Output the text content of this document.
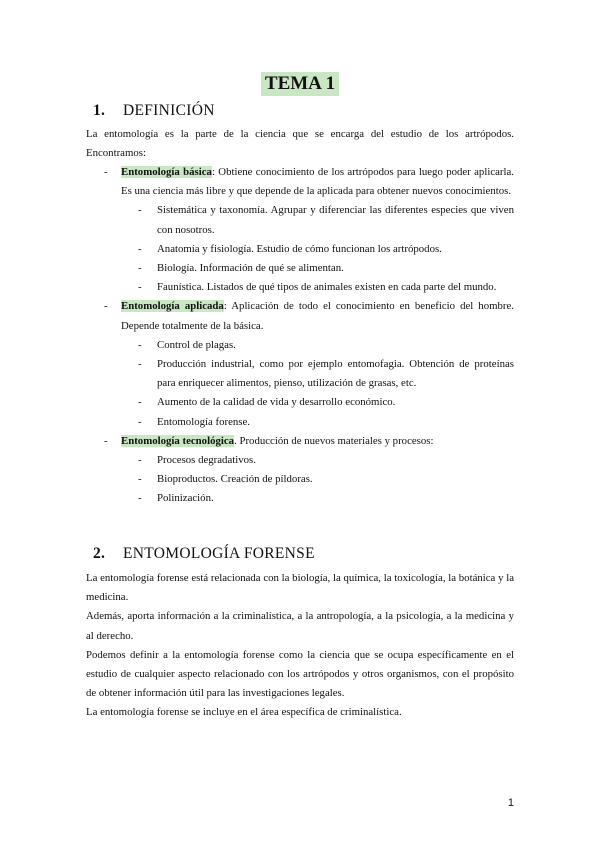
TEMA 1
1. DEFINICIÓN

La entomología es la parte de la ciencia que se encarga del estudio de los artrópodos. Encontramos:

- Entomología básica: Obtiene conocimiento de los artrópodos para luego poder aplicarla. Es una ciencia más libre y que depende de la aplicada para obtener nuevos conocimientos.
- Sistemática y taxonomía. Agrupar y diferenciar las diferentes especies que viven con nosotros.
- Anatomía y fisiología. Estudio de cómo funcionan los artrópodos.
- Biología. Información de qué se alimentan.
- Faunística. Listados de qué tipos de animales existen en cada parte del mundo.
- Entomología aplicada: Aplicación de todo el conocimiento en beneficio del hombre. Depende totalmente de la básica.
- Control de plagas.
- Producción industrial, como por ejemplo entomofagia. Obtención de proteínas para enriquecer alimentos, pienso, utilización de grasas, etc.
- Aumento de la calidad de vida y desarrollo económico.
- Entomología forense.
- Entomología tecnológica. Producción de nuevos materiales y procesos:
- Procesos degradativos.
- Bioproductos. Creación de píldoras.
- Polinización.
2. ENTOMOLOGÍA FORENSE
La entomología forense está relacionada con la biología, la química, la toxicología, la botánica y la medicina.
Además, aporta información a la criminalística, a la antropología, a la psicología, a la medicina y al derecho.
Podemos definir a la entomología forense como la ciencia que se ocupa específicamente en el estudio de cualquier aspecto relacionado con los artrópodos y otros organismos, con el propósito de obtener información útil para las investigaciones legales.
La entomología forense se incluye en el área específica de criminalística.
1
